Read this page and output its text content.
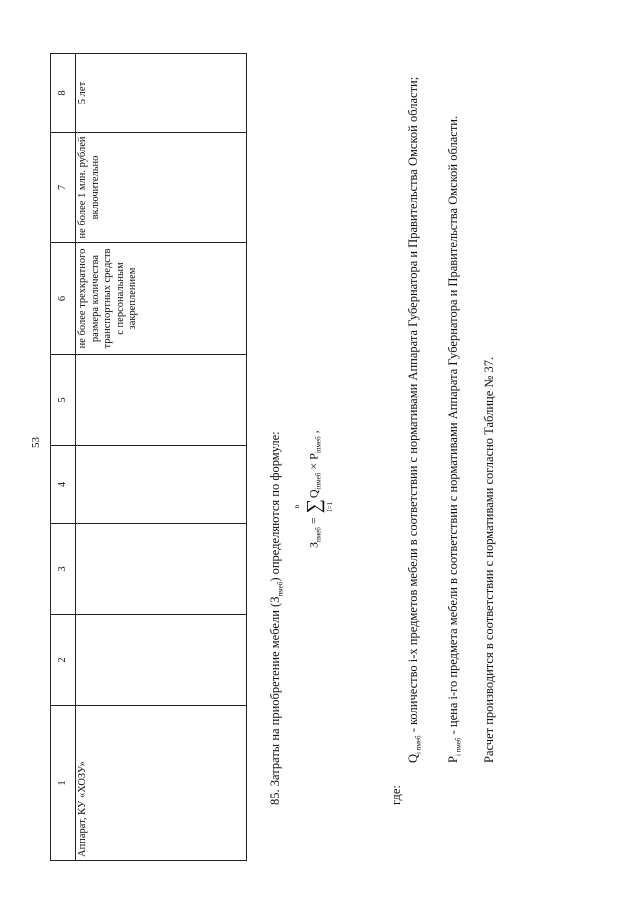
53
1	2	3	4	5	6	7	8
Аппарат, КУ «ХОЗУ»					не более трехкратного размера количества транспортных средств с персональным закреплением	не более 1 млн. рублей включительно	5 лет
85. Затраты на приобретение мебели $(З_{пмеб})$ определяются по формуле:	$З_{пмеб}$ = ∑
n	i=1
$Q_{iпмеб} \times P_{iпмеб}$ ,
где:
$Q_{i пмеб}$ - количество i-х предметов мебели в соответствии с нормативами Аппарата Губернатора и Правительства Омской области;
$P_{i пмеб}$ - цена i-го предмета мебели в соответствии с нормативами Аппарата Губернатора и Правительства Омской области. Расчет производится в соответствии с нормативами согласно Таблице № 37.
